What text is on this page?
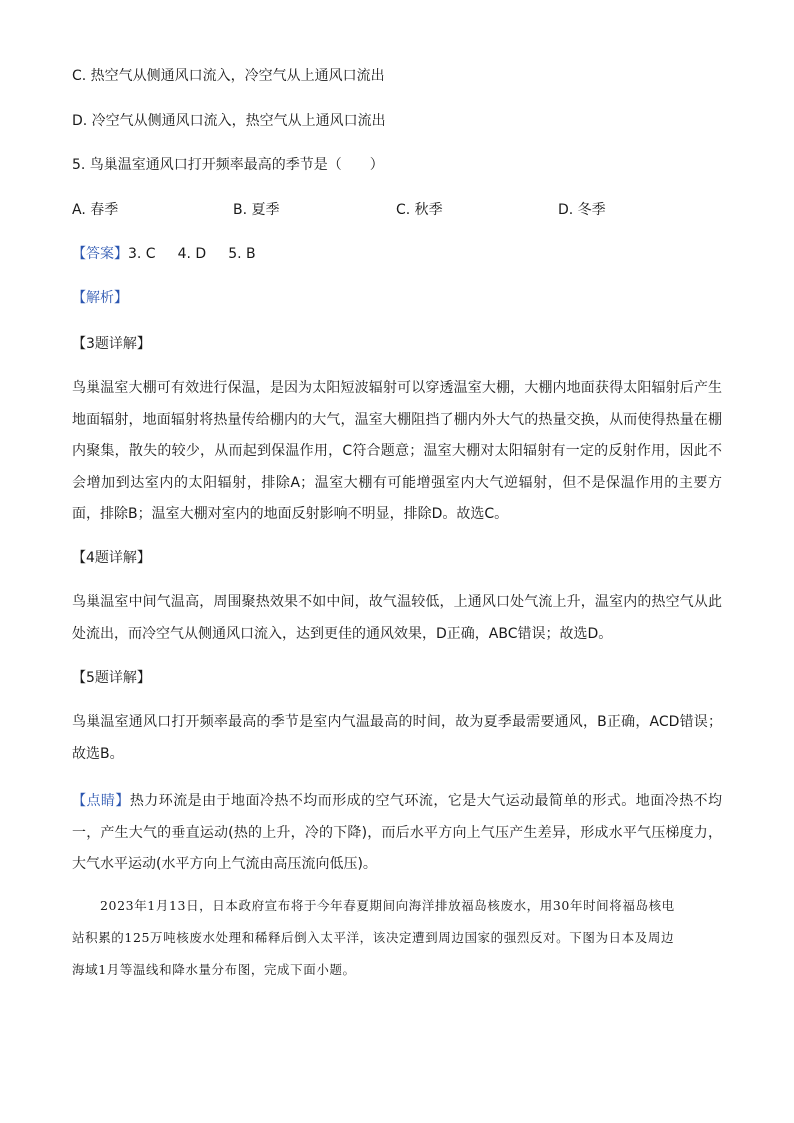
C. 热空气从侧通风口流入，冷空气从上通风口流出
D. 冷空气从侧通风口流入，热空气从上通风口流出
5. 鸟巢温室通风口打开频率最高的季节是（　　）
A. 春季	B. 夏季	C. 秋季	D. 冬季
【答案】3. C 4. D 5. B
【解析】
【3题详解】
鸟巢温室大棚可有效进行保温，是因为太阳短波辐射可以穿透温室大棚，大棚内地面获得太阳辐射后产生地面辐射，地面辐射将热量传给棚内的大气，温室大棚阻挡了棚内外大气的热量交换，从而使得热量在棚内聚集，散失的较少，从而起到保温作用，C符合题意；温室大棚对太阳辐射有一定的反射作用，因此不会增加到达室内的太阳辐射，排除A；温室大棚有可能增强室内大气逆辐射，但不是保温作用的主要方面，排除B；温室大棚对室内的地面反射影响不明显，排除D。故选C。
【4题详解】
鸟巢温室中间气温高，周围聚热效果不如中间，故气温较低，上通风口处气流上升，温室内的热空气从此处流出，而冷空气从侧通风口流入，达到更佳的通风效果，D正确，ABC错误；故选D。
【5题详解】
鸟巢温室通风口打开频率最高的季节是室内气温最高的时间，故为夏季最需要通风，B正确，ACD错误；故选B。
【点睛】热力环流是由于地面冷热不均而形成的空气环流，它是大气运动最简单的形式。地面冷热不均一，产生大气的垂直运动(热的上升，冷的下降)，而后水平方向上气压产生差异，形成水平气压梯度力，大气水平运动(水平方向上气流由高压流向低压)。
2023年1月13日，日本政府宣布将于今年春夏期间向海洋排放福岛核废水，用30年时间将福岛核电
站积累的125万吨核废水处理和稀释后倒入太平洋，该决定遭到周边国家的强烈反对。下图为日本及周边
海域1月等温线和降水量分布图，完成下面小题。
